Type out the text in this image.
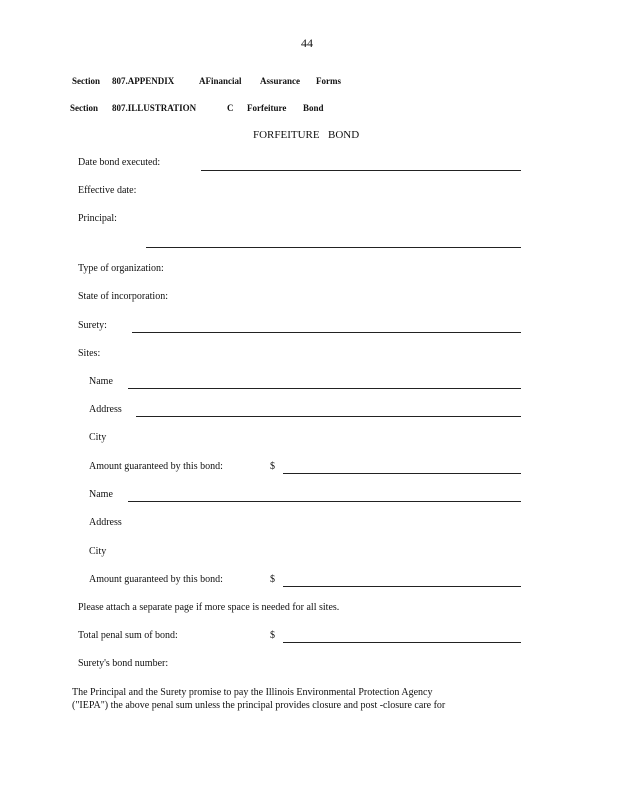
44
Section 807.APPENDIX	AFinancial Assurance Forms
Section 807.ILLUSTRATION	C Forfeiture Bond
FORFEITURE BOND
Date bond executed:
Effective date:
Principal:
Type of organization:
State of incorporation:
Surety:
Sites:
Name
Address
City
Amount guaranteed by this bond:	$
Name
Address
City
Amount guaranteed by this bond:	$
Please attach a separate page if more space is needed for all sites.
Total penal sum of bond:	$
Surety's bond number:
The Principal and the Surety promise to pay the Illinois Environmental Protection Agency
("IEPA") the above penal sum unless the principal provides closure and post -closure care for
